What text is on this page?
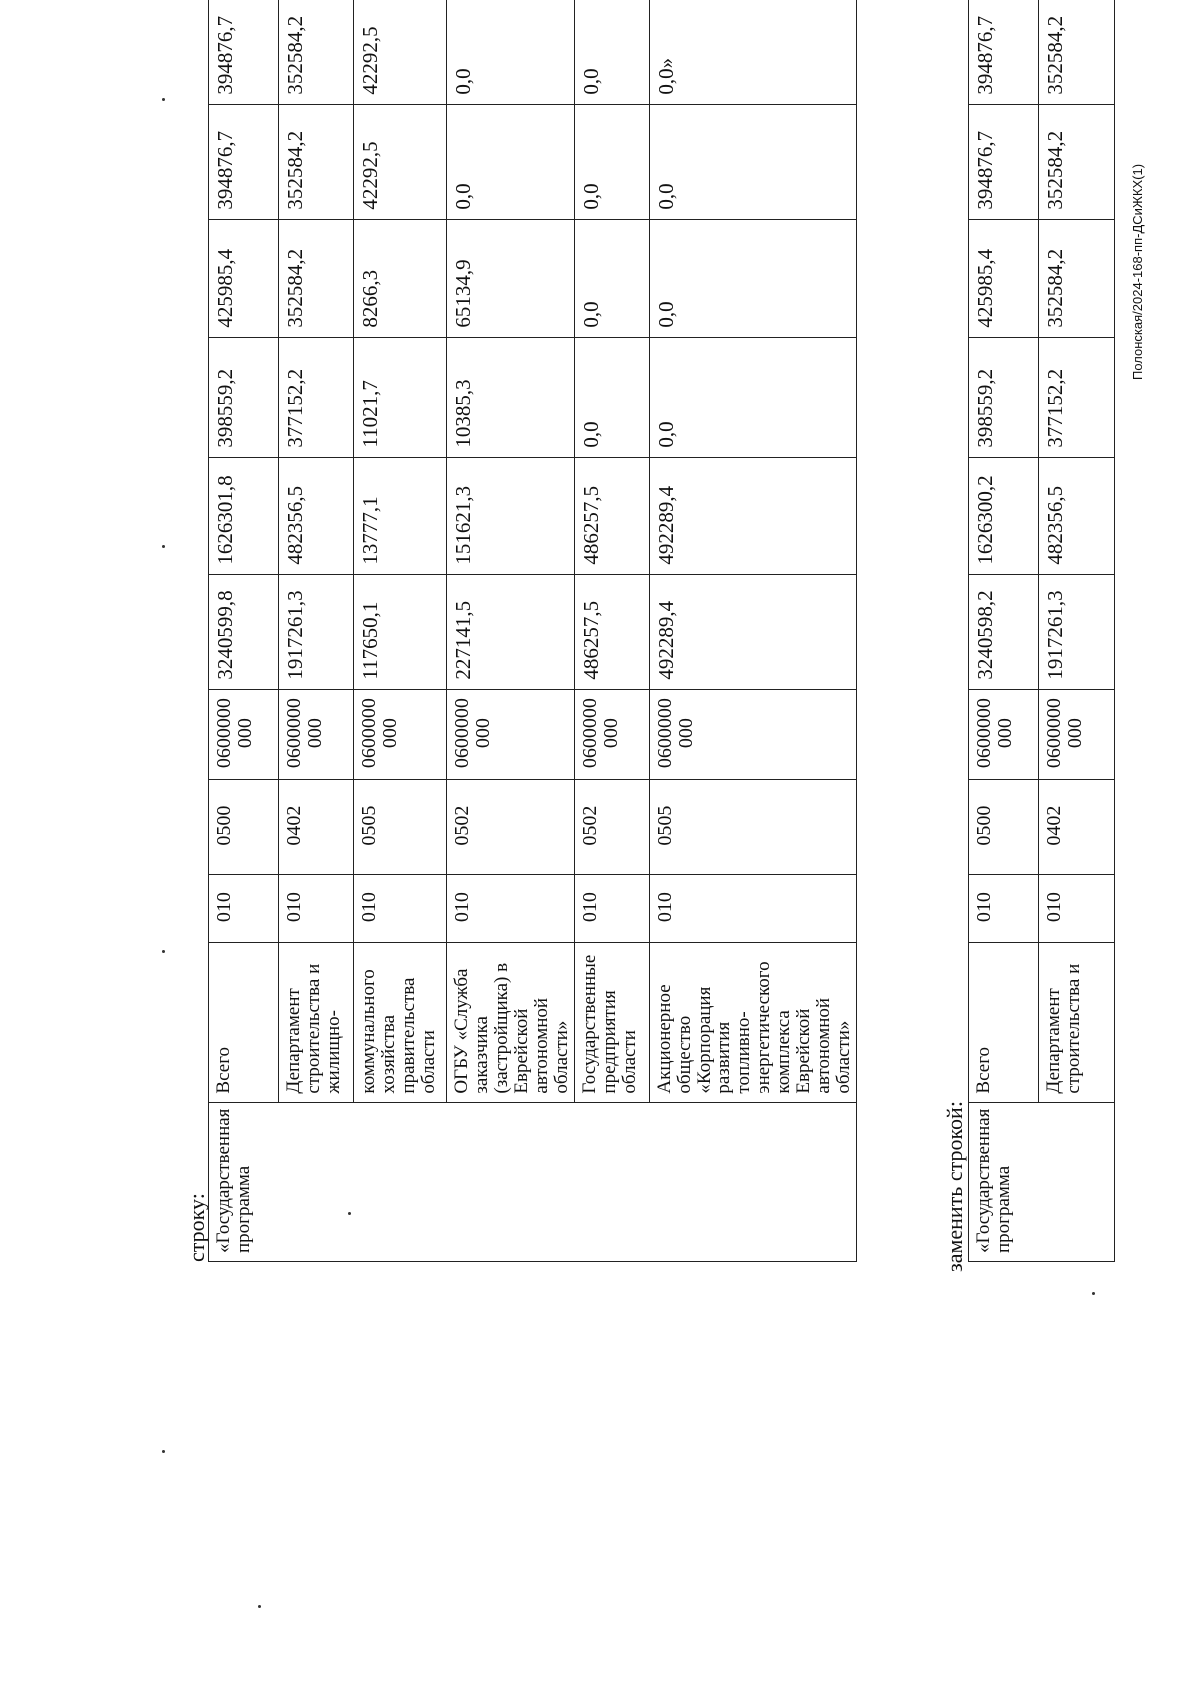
строку: «Государственная программа	Всего	010	0500	0600000 000	3240599,8	1626301,8	398559,2	425985,4	394876,7	394876,7
	Департамент строительства и жилищно-	010	0402	0600000 000	1917261,3	482356,5	377152,2	352584,2	352584,2	352584,2
	коммунального хозяйства правительства области	010	0505	0600000 000	117650,1	13777,1	11021,7	8266,3	42292,5	42292,5
	ОГБУ «Служба заказчика (застройщика) в Еврейской автономной области»	010	0502	0600000 000	227141,5	151621,3	10385,3	65134,9	0,0	0,0
	Государственные предприятия области	010	0502	0600000 000	486257,5	486257,5	0,0	0,0	0,0	0,0
	Акционерное общество «Корпорация развития топливно-энергетического комплекса Еврейской автономной области»	010	0505	0600000 000	492289,4	492289,4	0,0	0,0	0,0	0,0»
заменить строкой: «Государственная программа	Всего	010	0500	0600000 000	3240598,2	1626300,2	398559,2	425985,4	394876,7	394876,7
	Департамент строительства и	010	0402	0600000 000	1917261,3	482356,5	377152,2	352584,2	352584,2	352584,2
Полонская/2024-168-пп-ДСиЖКХ(1)
